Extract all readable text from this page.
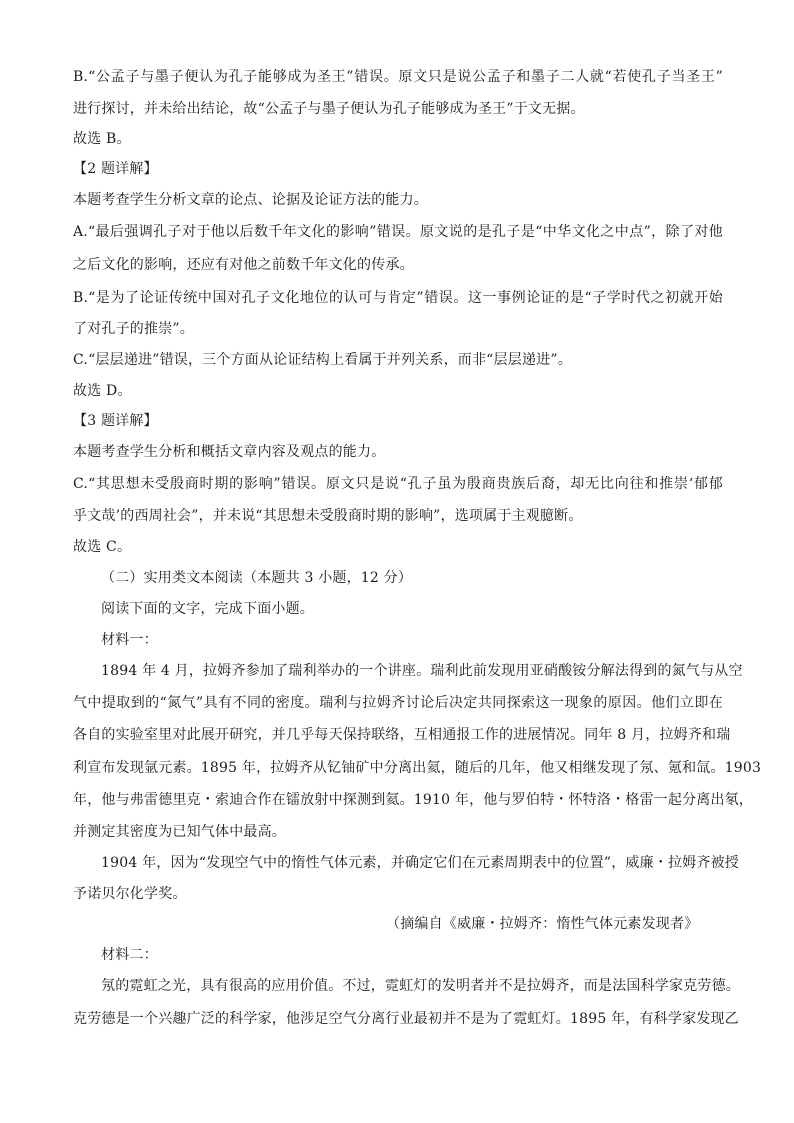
B.“公孟子与墨子便认为孔子能够成为圣王”错误。原文只是说公孟子和墨子二人就“若使孔子当圣王”
进行探讨，并未给出结论，故“公孟子与墨子便认为孔子能够成为圣王”于文无据。
故选 B。
【2 题详解】
本题考查学生分析文章的论点、论据及论证方法的能力。
A.“最后强调孔子对于他以后数千年文化的影响”错误。原文说的是孔子是“中华文化之中点”，除了对他
之后文化的影响，还应有对他之前数千年文化的传承。
B.“是为了论证传统中国对孔子文化地位的认可与肯定”错误。这一事例论证的是“子学时代之初就开始
了对孔子的推崇”。
C.“层层递进”错误，三个方面从论证结构上看属于并列关系，而非“层层递进”。
故选 D。
【3 题详解】
本题考查学生分析和概括文章内容及观点的能力。
C.“其思想未受殷商时期的影响”错误。原文只是说“孔子虽为殷商贵族后裔，却无比向往和推崇‘郁郁
乎文哉’的西周社会”，并未说“其思想未受殷商时期的影响”，选项属于主观臆断。
故选 C。
（二）实用类文本阅读（本题共 3 小题，12 分）
阅读下面的文字，完成下面小题。
材料一：
1894 年 4 月，拉姆齐参加了瑞利举办的一个讲座。瑞利此前发现用亚硝酸铵分解法得到的氮气与从空
气中提取到的“氮气”具有不同的密度。瑞利与拉姆齐讨论后决定共同探索这一现象的原因。他们立即在
各自的实验室里对此展开研究，并几乎每天保持联络，互相通报工作的进展情况。同年 8 月，拉姆齐和瑞
利宣布发现氩元素。1895 年，拉姆齐从钇铀矿中分离出氦，随后的几年，他又相继发现了氖、氪和氙。1903
年，他与弗雷德里克・索迪合作在镭放射中探测到氦。1910 年，他与罗伯特・怀特洛・格雷一起分离出氡，
并测定其密度为已知气体中最高。
1904 年，因为“发现空气中的惰性气体元素，并确定它们在元素周期表中的位置”，威廉・拉姆齐被授
予诺贝尔化学奖。
（摘编自《威廉・拉姆齐：惰性气体元素发现者》
材料二：
氖的霓虹之光，具有很高的应用价值。不过，霓虹灯的发明者并不是拉姆齐，而是法国科学家克劳德。
克劳德是一个兴趣广泛的科学家，他涉足空气分离行业最初并不是为了霓虹灯。1895 年，有科学家发现乙
